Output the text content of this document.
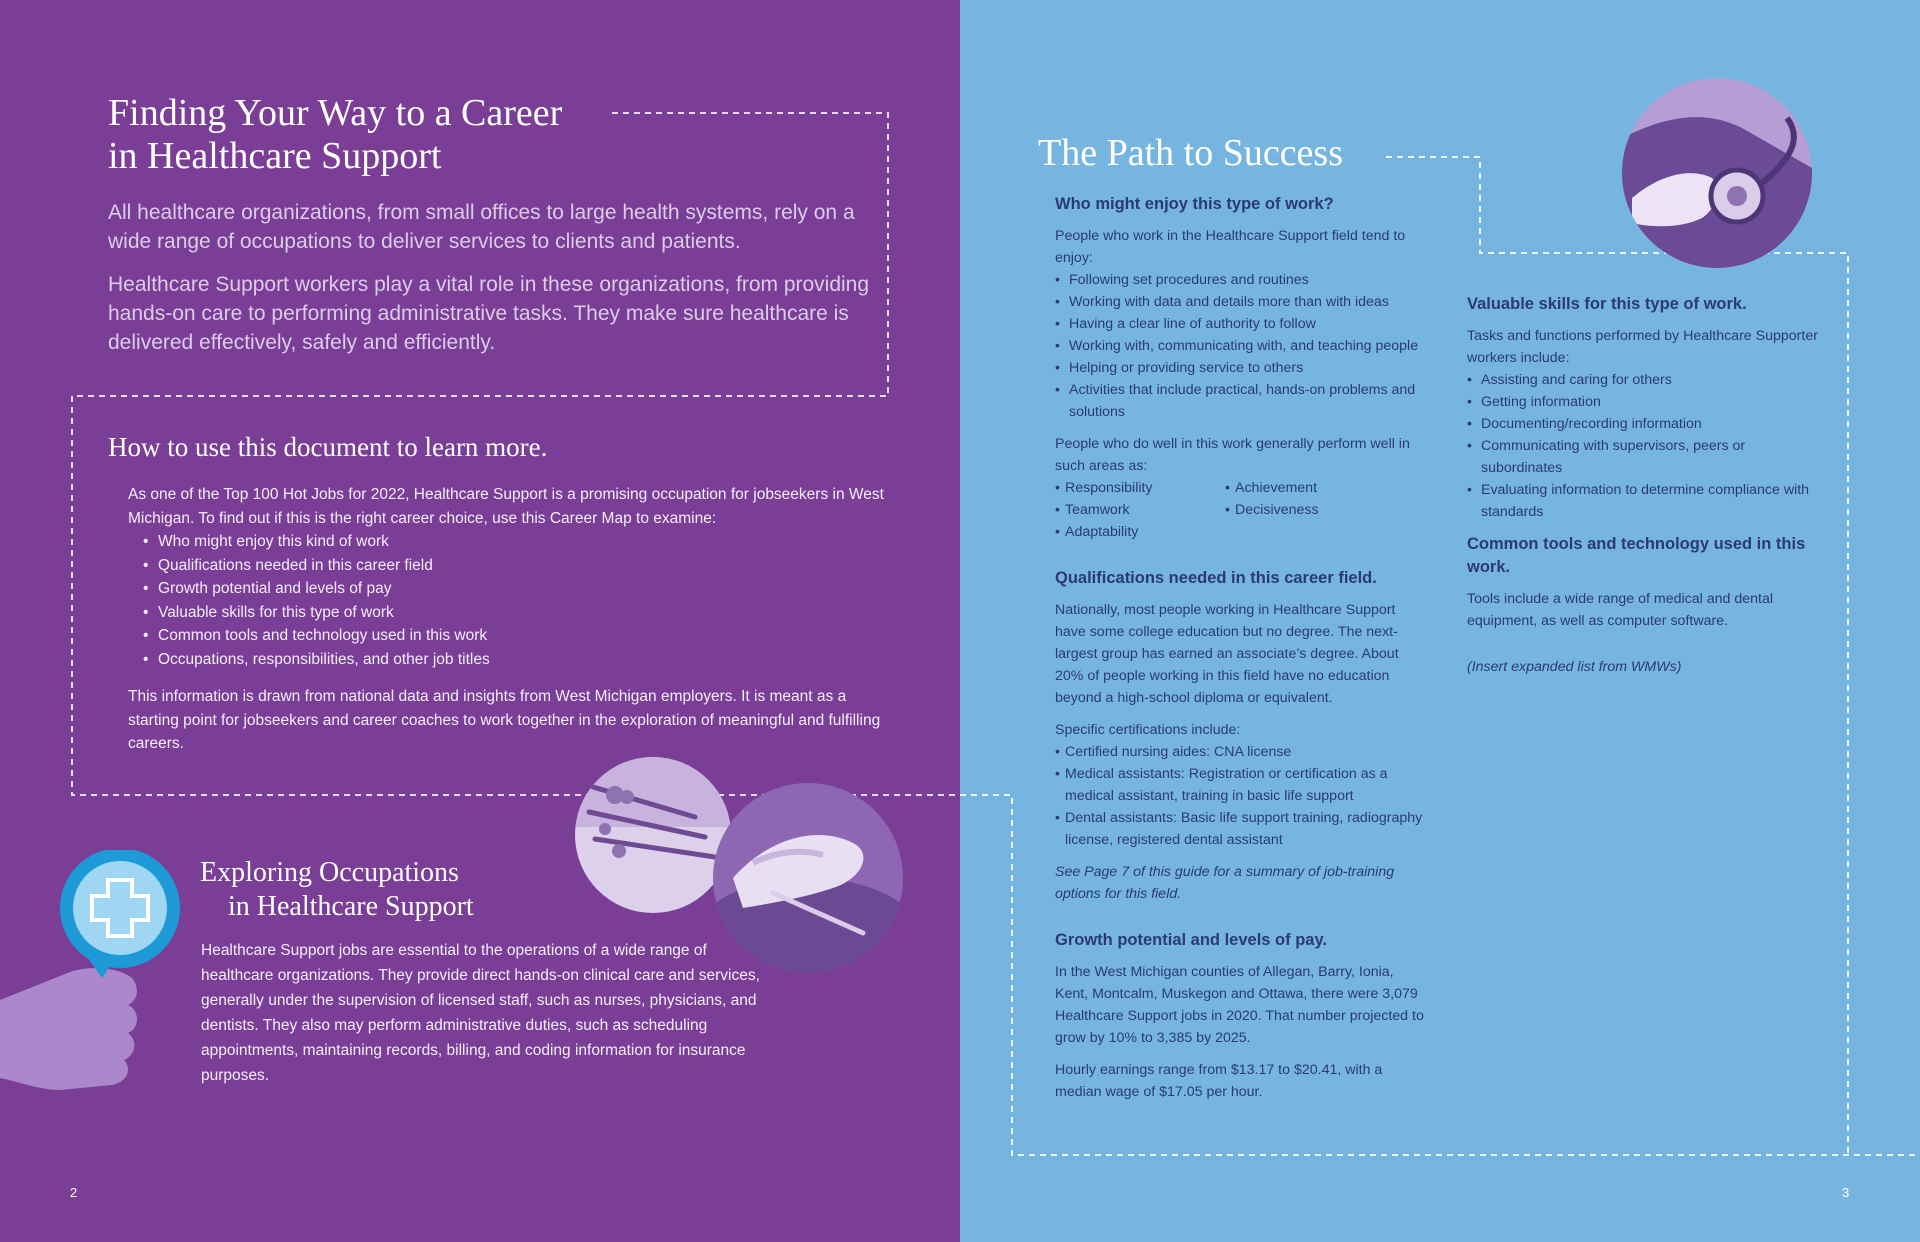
Finding Your Way to a Career
in Healthcare Support

All healthcare organizations, from small offices to large health systems, rely on a wide range of occupations to deliver services to clients and patients.

Healthcare Support workers play a vital role in these organizations, from providing hands-on care to performing administrative tasks. They make sure healthcare is delivered effectively, safely and efficiently.

How to use this document to learn more.

As one of the Top 100 Hot Jobs for 2022, Healthcare Support is a promising occupation for jobseekers in West Michigan. To find out if this is the right career choice, use this Career Map to examine:

• Who might enjoy this kind of work
• Qualifications needed in this career field
• Growth potential and levels of pay
• Valuable skills for this type of work
• Common tools and technology used in this work
• Occupations, responsibilities, and other job titles

This information is drawn from national data and insights from West Michigan employers. It is meant as a starting point for jobseekers and career coaches to work together in the exploration of meaningful and fulfilling careers.

Exploring Occupations
in Healthcare Support

Healthcare Support jobs are essential to the operations of a wide range of healthcare organizations. They provide direct hands-on clinical care and services, generally under the supervision of licensed staff, such as nurses, physicians, and dentists. They also may perform administrative duties, such as scheduling appointments, maintaining records, billing, and coding information for insurance purposes.

2
The Path to Success
Who might enjoy this type of work?

People who work in the Healthcare Support field tend to enjoy:

• Following set procedures and routines
• Working with data and details more than with ideas
• Having a clear line of authority to follow
• Working with, communicating with, and teaching people
• Helping or providing service to others
• Activities that include practical, hands-on problems and solutions

People who do well in this work generally perform well in such areas as:

• Responsibility	• Achievement
• Teamwork	• Decisiveness
• Adaptability
Qualifications needed in this career field.

Nationally, most people working in Healthcare Support have some college education but no degree. The next-largest group has earned an associate’s degree. About 20% of people working in this field have no education beyond a high-school diploma or equivalent.

Specific certifications include:

• Certified nursing aides: CNA license
• Medical assistants: Registration or certification as a medical assistant, training in basic life support
• Dental assistants: Basic life support training, radiography license, registered dental assistant

See Page 7 of this guide for a summary of job-training options for this field.

Growth potential and levels of pay.

In the West Michigan counties of Allegan, Barry, Ionia, Kent, Montcalm, Muskegon and Ottawa, there were 3,079 Healthcare Support jobs in 2020. That number projected to grow by 10% to 3,385 by 2025.

Hourly earnings range from $13.17 to $20.41, with a median wage of $17.05 per hour.

Valuable skills for this type of work.

Tasks and functions performed by Healthcare Supporter workers include:

• Assisting and caring for others
• Getting information
• Documenting/recording information
• Communicating with supervisors, peers or subordinates
• Evaluating information to determine compliance with standards
Common tools and technology used in this work.

Tools include a wide range of medical and dental equipment, as well as computer software.

(Insert expanded list from WMWs)

3
